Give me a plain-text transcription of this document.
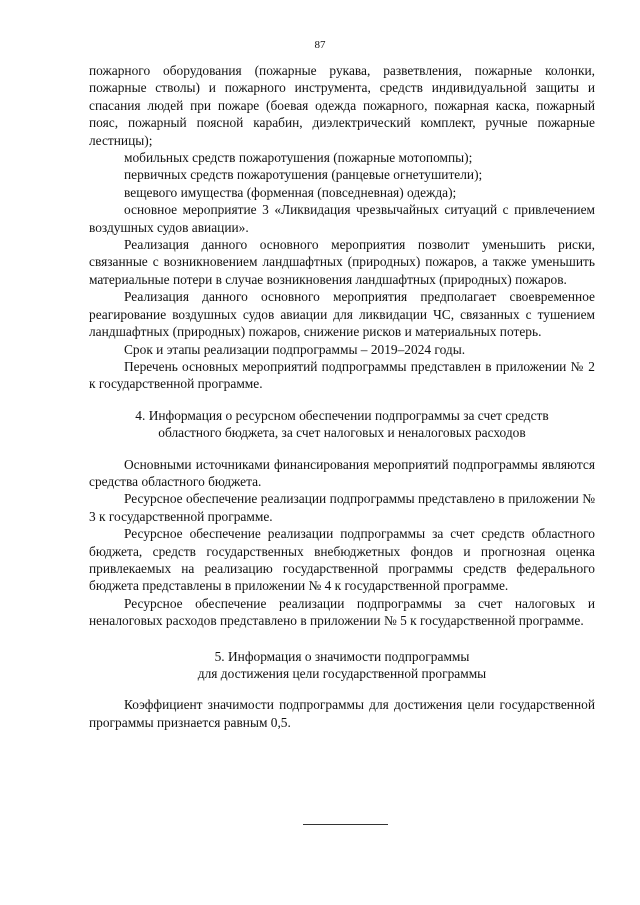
87

пожарного оборудования (пожарные рукава, разветвления, пожарные колонки, пожарные стволы) и пожарного инструмента, средств индивидуальной защиты и спасания людей при пожаре (боевая одежда пожарного, пожарная каска, пожарный пояс, пожарный поясной карабин, диэлектрический комплект, ручные пожарные лестницы);

мобильных средств пожаротушения (пожарные мотопомпы);

первичных средств пожаротушения (ранцевые огнетушители);

вещевого имущества (форменная (повседневная) одежда);

основное мероприятие 3 «Ликвидация чрезвычайных ситуаций с привлечением воздушных судов авиации».

Реализация данного основного мероприятия позволит уменьшить риски, связанные с возникновением ландшафтных (природных) пожаров, а также уменьшить материальные потери в случае возникновения ландшафтных (природных) пожаров.

Реализация данного основного мероприятия предполагает своевременное реагирование воздушных судов авиации для ликвидации ЧС, связанных с тушением ландшафтных (природных) пожаров, снижение рисков и материальных потерь.

Срок и этапы реализации подпрограммы – 2019–2024 годы.

Перечень основных мероприятий подпрограммы представлен в приложении № 2 к государственной программе.

4. Информация о ресурсном обеспечении подпрограммы за счет средств
областного бюджета, за счет налоговых и неналоговых расходов

Основными источниками финансирования мероприятий подпрограммы являются средства областного бюджета.

Ресурсное обеспечение реализации подпрограммы представлено в приложении № 3 к государственной программе.

Ресурсное обеспечение реализации подпрограммы за счет средств областного бюджета, средств государственных внебюджетных фондов и прогнозная оценка привлекаемых на реализацию государственной программы средств федерального бюджета представлены в приложении № 4 к государственной программе.

Ресурсное обеспечение реализации подпрограммы за счет налоговых и неналоговых расходов представлено в приложении № 5 к государственной программе.

5. Информация о значимости подпрограммы
для достижения цели государственной программы

Коэффициент значимости подпрограммы для достижения цели государственной программы признается равным 0,5.
